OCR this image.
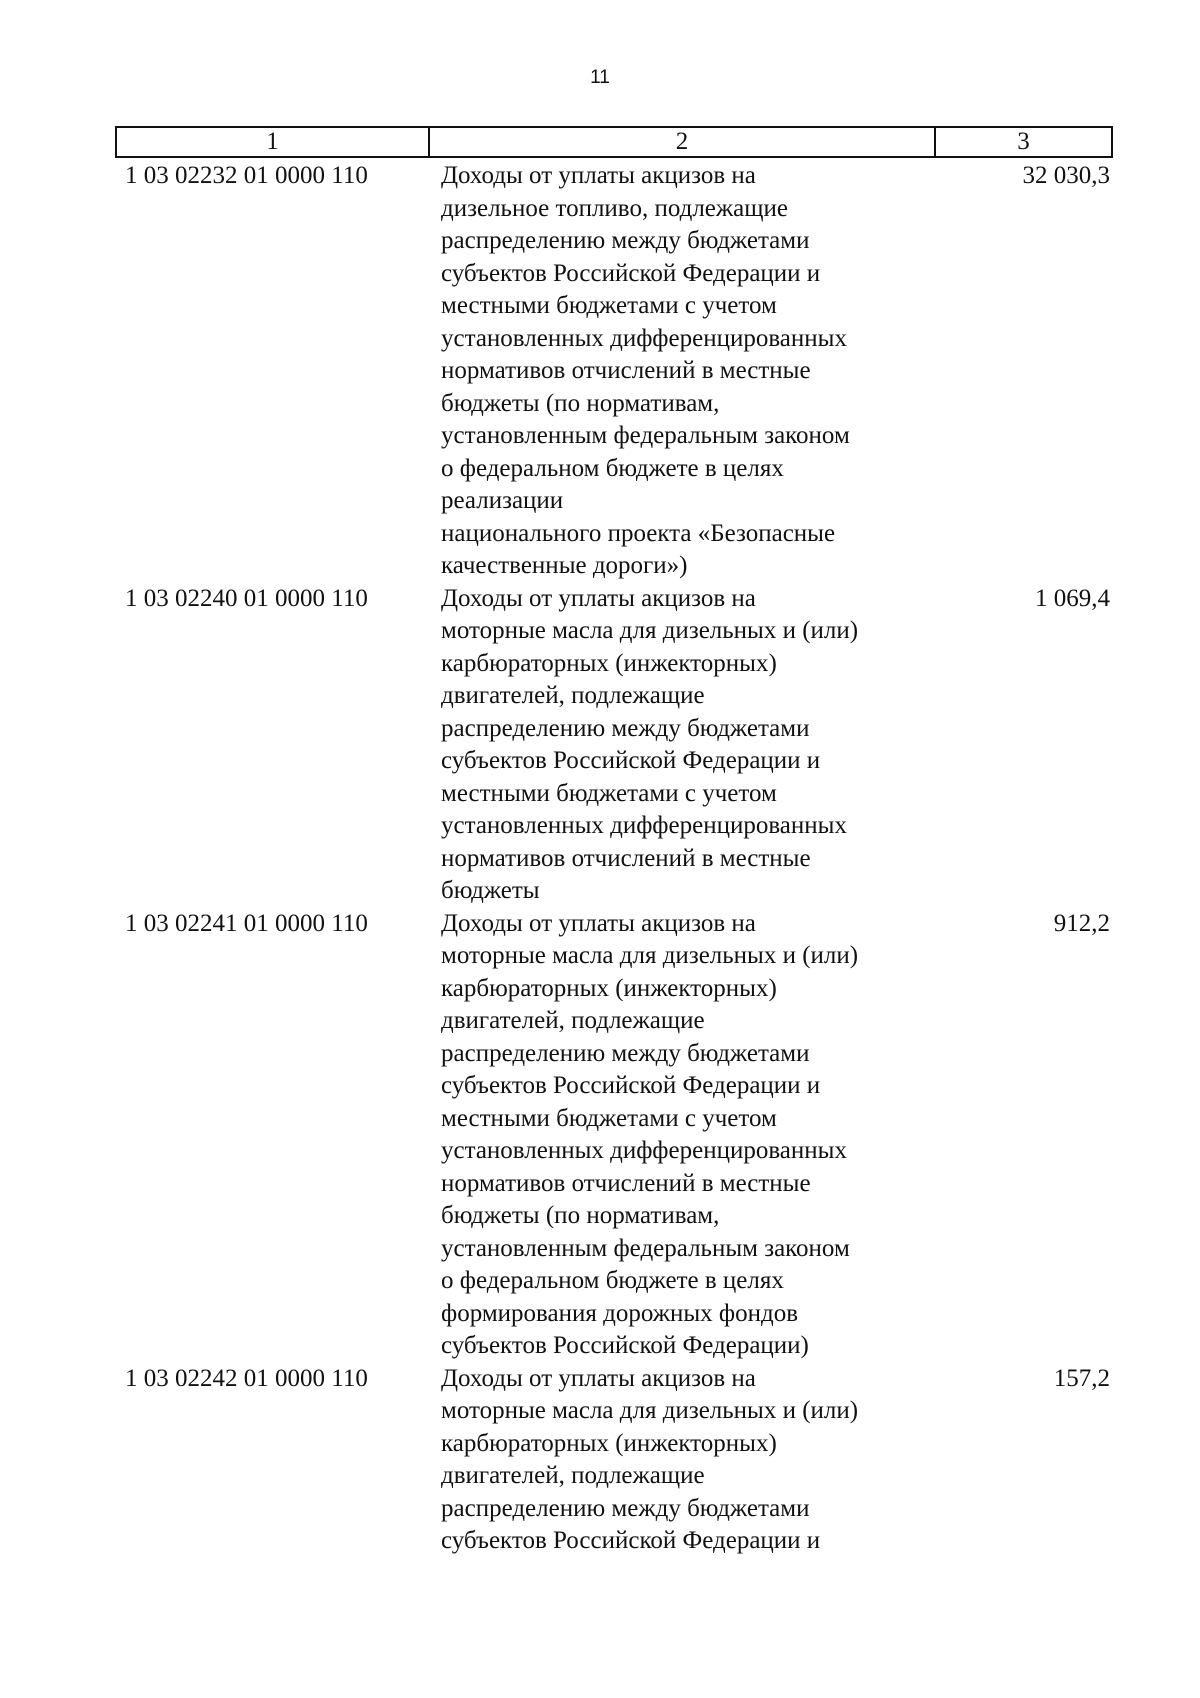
11
1	2	3
1 03 02232 01 0000 110	Доходы от уплаты акцизов на
дизельное топливо, подлежащие
распределению между бюджетами
субъектов Российской Федерации и
местными бюджетами с учетом
установленных дифференцированных
нормативов отчислений в местные
бюджеты (по нормативам,
установленным федеральным законом
о федеральном бюджете в целях
реализации
национального проекта «Безопасные
качественные дороги»)
32 030,3
1 03 02240 01 0000 110	Доходы от уплаты акцизов на
моторные масла для дизельных и (или)
карбюраторных (инжекторных)
двигателей, подлежащие
распределению между бюджетами
субъектов Российской Федерации и
местными бюджетами с учетом
установленных дифференцированных
нормативов отчислений в местные
бюджеты
1 069,4
1 03 02241 01 0000 110	Доходы от уплаты акцизов на
моторные масла для дизельных и (или)
карбюраторных (инжекторных)
двигателей, подлежащие
распределению между бюджетами
субъектов Российской Федерации и
местными бюджетами с учетом
установленных дифференцированных
нормативов отчислений в местные
бюджеты (по нормативам,
установленным федеральным законом
о федеральном бюджете в целях
формирования дорожных фондов
субъектов Российской Федерации)
912,2
1 03 02242 01 0000 110	Доходы от уплаты акцизов на
моторные масла для дизельных и (или)
карбюраторных (инжекторных)
двигателей, подлежащие
распределению между бюджетами
субъектов Российской Федерации и
157,2
